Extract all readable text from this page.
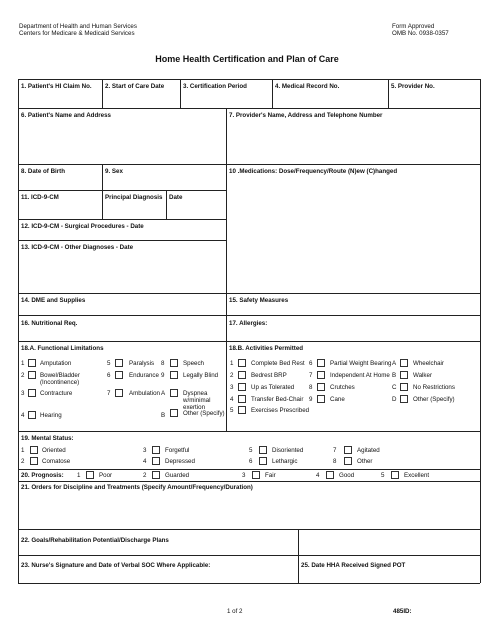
Department of Health and Human Services
Centers for Medicare & Medicaid Services
Form Approved
OMB No. 0938-0357
Home Health Certification and Plan of Care
1. Patient's HI Claim No. 2. Start of Care Date	3. Certification Period	4. Medical Record No.	5. Provider No.
6. Patient's Name and Address	7. Provider's Name, Address and Telephone Number
8. Date of Birth	9. Sex	10 .Medications: Dose/Frequency/Route (N)ew (C)hanged
11. ICD-9-CM	Principal Diagnosis Date
12. ICD-9-CM - Surgical Procedures - Date
13. ICD-9-CM - Other Diagnoses - Date
14. DME and Supplies	15. Safety Measures
16. Nutritional Req.	17. Allergies:
18.A. Functional Limitations
1	Amputation
2	Bowel/Bladder (Incontinence)
3	Contracture
4	Hearing
5	Paralysis
6	Endurance
7	Ambulation
8	Speech
9	Legally Blind
A	Dyspnea w/minimal exertion
B	Other (Specify)
18.B. Activities Permitted
1	Complete Bed Rest
2	Bedrest BRP
3	Up as Tolerated
4	Transfer Bed-Chair
5	Exercises Prescribed
6	Partial Weight Bearing
7	Independent At Home
8	Crutches
9	Cane
A	Wheelchair
B	Walker
C	No Restrictions
D	Other (Specify)
19. Mental Status:
1	Oriented
2	Comatose
3	Forgetful
4	Depressed
5	Disoriented
6	Lethargic
7	Agitated
8	Other
20. Prognosis: 1	Poor	2	Guarded	3	Fair	4	Good	5	Excellent
21. Orders for Discipline and Treatments (Specify Amount/Frequency/Duration)
22. Goals/Rehabilitation Potential/Discharge Plans
23. Nurse's Signature and Date of Verbal SOC Where Applicable:	25. Date HHA Received Signed POT
1 of 2	485ID:
